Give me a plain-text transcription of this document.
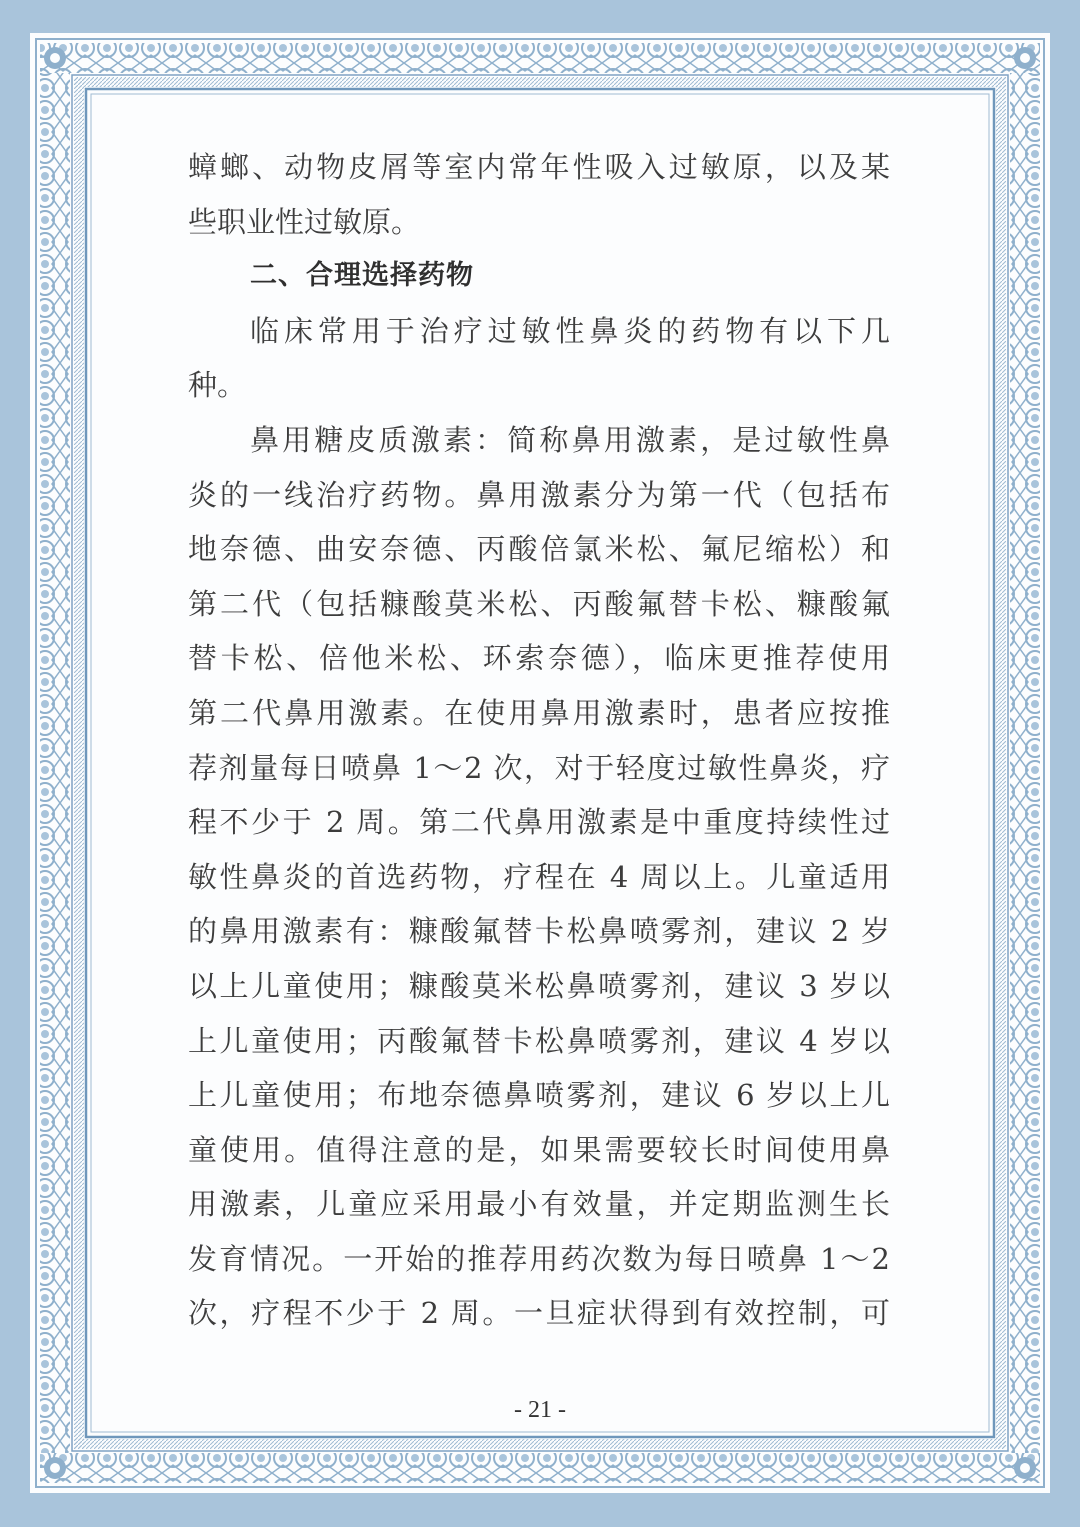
蟑螂、动物皮屑等室内常年性吸入过敏原，以及某
些职业性过敏原。
二、合理选择药物
临床常用于治疗过敏性鼻炎的药物有以下几
种。
鼻用糖皮质激素：简称鼻用激素，是过敏性鼻
炎的一线治疗药物。鼻用激素分为第一代（包括布
地奈德、曲安奈德、丙酸倍氯米松、氟尼缩松）和
第二代（包括糠酸莫米松、丙酸氟替卡松、糠酸氟
替卡松、倍他米松、环索奈德），临床更推荐使用
第二代鼻用激素。在使用鼻用激素时，患者应按推
荐剂量每日喷鼻 1～2 次，对于轻度过敏性鼻炎，疗
程不少于 2 周。第二代鼻用激素是中重度持续性过
敏性鼻炎的首选药物，疗程在 4 周以上。儿童适用
的鼻用激素有：糠酸氟替卡松鼻喷雾剂，建议 2 岁
以上儿童使用；糠酸莫米松鼻喷雾剂，建议 3 岁以
上儿童使用；丙酸氟替卡松鼻喷雾剂，建议 4 岁以
上儿童使用；布地奈德鼻喷雾剂，建议 6 岁以上儿
童使用。值得注意的是，如果需要较长时间使用鼻
用激素，儿童应采用最小有效量，并定期监测生长
发育情况。一开始的推荐用药次数为每日喷鼻 1～2
次，疗程不少于 2 周。一旦症状得到有效控制，可
- 21 -
